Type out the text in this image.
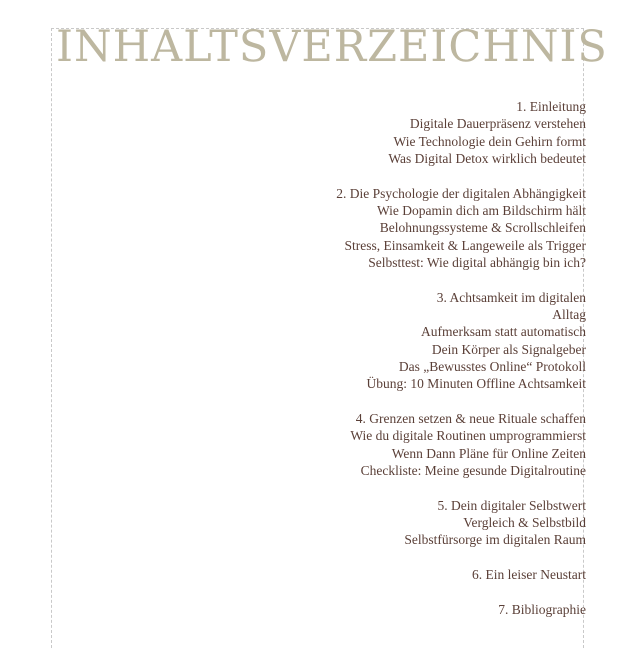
INHALTSVERZEICHNIS
1. Einleitung
Digitale Dauerpräsenz verstehen
Wie Technologie dein Gehirn formt
Was Digital Detox wirklich bedeutet
2. Die Psychologie der digitalen Abhängigkeit
Wie Dopamin dich am Bildschirm hält
Belohnungssysteme & Scrollschleifen
Stress, Einsamkeit & Langeweile als Trigger
Selbsttest: Wie digital abhängig bin ich?
3. Achtsamkeit im digitalen
Alltag
Aufmerksam statt automatisch
Dein Körper als Signalgeber
Das „Bewusstes Online“ Protokoll
Übung: 10 Minuten Offline Achtsamkeit
4. Grenzen setzen & neue Rituale schaffen
Wie du digitale Routinen umprogrammierst
Wenn Dann Pläne für Online Zeiten
Checkliste: Meine gesunde Digitalroutine
5. Dein digitaler Selbstwert
Vergleich & Selbstbild
Selbstfürsorge im digitalen Raum
6. Ein leiser Neustart
7. Bibliographie
